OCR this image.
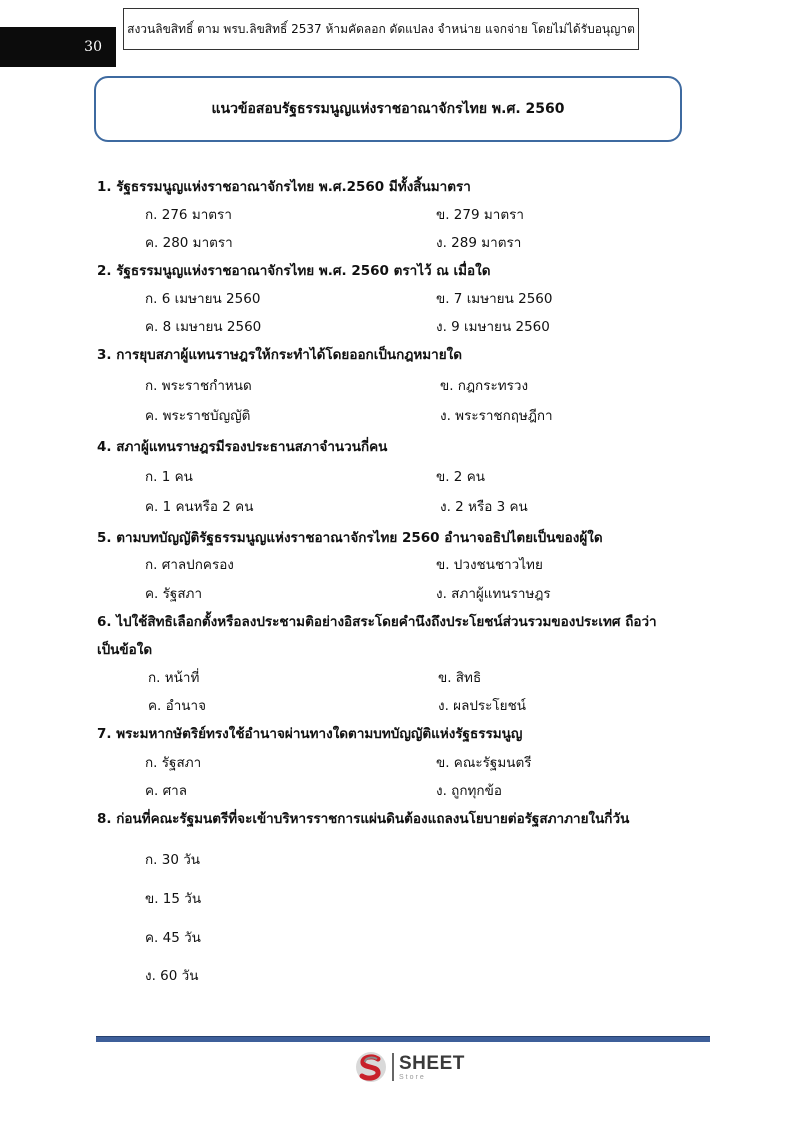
30
สงวนลิขสิทธิ์ ตาม พรบ.ลิขสิทธิ์ 2537 ห้ามคัดลอก ดัดแปลง จำหน่าย แจกจ่าย โดยไม่ได้รับอนุญาต
แนวข้อสอบรัฐธรรมนูญแห่งราชอาณาจักรไทย พ.ศ. 2560
1. รัฐธรรมนูญแห่งราชอาณาจักรไทย พ.ศ.2560 มีทั้งสิ้นมาตรา
ก. 276 มาตรา	ข. 279 มาตรา
ค. 280 มาตรา	ง. 289 มาตรา
2. รัฐธรรมนูญแห่งราชอาณาจักรไทย พ.ศ. 2560 ตราไว้ ณ เมื่อใด
ก. 6 เมษายน 2560	ข. 7 เมษายน 2560
ค. 8 เมษายน 2560	ง. 9 เมษายน 2560
3. การยุบสภาผู้แทนราษฎรให้กระทำได้โดยออกเป็นกฎหมายใด
ก. พระราชกำหนด	ข. กฎกระทรวง
ค. พระราชบัญญัติ	ง. พระราชกฤษฎีกา
4. สภาผู้แทนราษฎรมีรองประธานสภาจำนวนกี่คน
ก. 1 คน	ข. 2 คน
ค. 1 คนหรือ 2 คน	ง. 2 หรือ 3 คน
5. ตามบทบัญญัติรัฐธรรมนูญแห่งราชอาณาจักรไทย 2560 อำนาจอธิปไตยเป็นของผู้ใด
ก. ศาลปกครอง	ข. ปวงชนชาวไทย
ค. รัฐสภา	ง. สภาผู้แทนราษฎร
6. ไปใช้สิทธิเลือกตั้งหรือลงประชามติอย่างอิสระโดยคำนึงถึงประโยชน์ส่วนรวมของประเทศ ถือว่า
เป็นข้อใด
ก. หน้าที่	ข. สิทธิ
ค. อำนาจ	ง. ผลประโยชน์
7. พระมหากษัตริย์ทรงใช้อำนาจผ่านทางใดตามบทบัญญัติแห่งรัฐธรรมนูญ
ก. รัฐสภา	ข. คณะรัฐมนตรี
ค. ศาล	ง. ถูกทุกข้อ
8. ก่อนที่คณะรัฐมนตรีที่จะเข้าบริหารราชการแผ่นดินต้องแถลงนโยบายต่อรัฐสภาภายในกี่วัน
ก. 30 วัน
ข. 15 วัน
ค. 45 วัน
ง. 60 วัน
SHEET
Store
